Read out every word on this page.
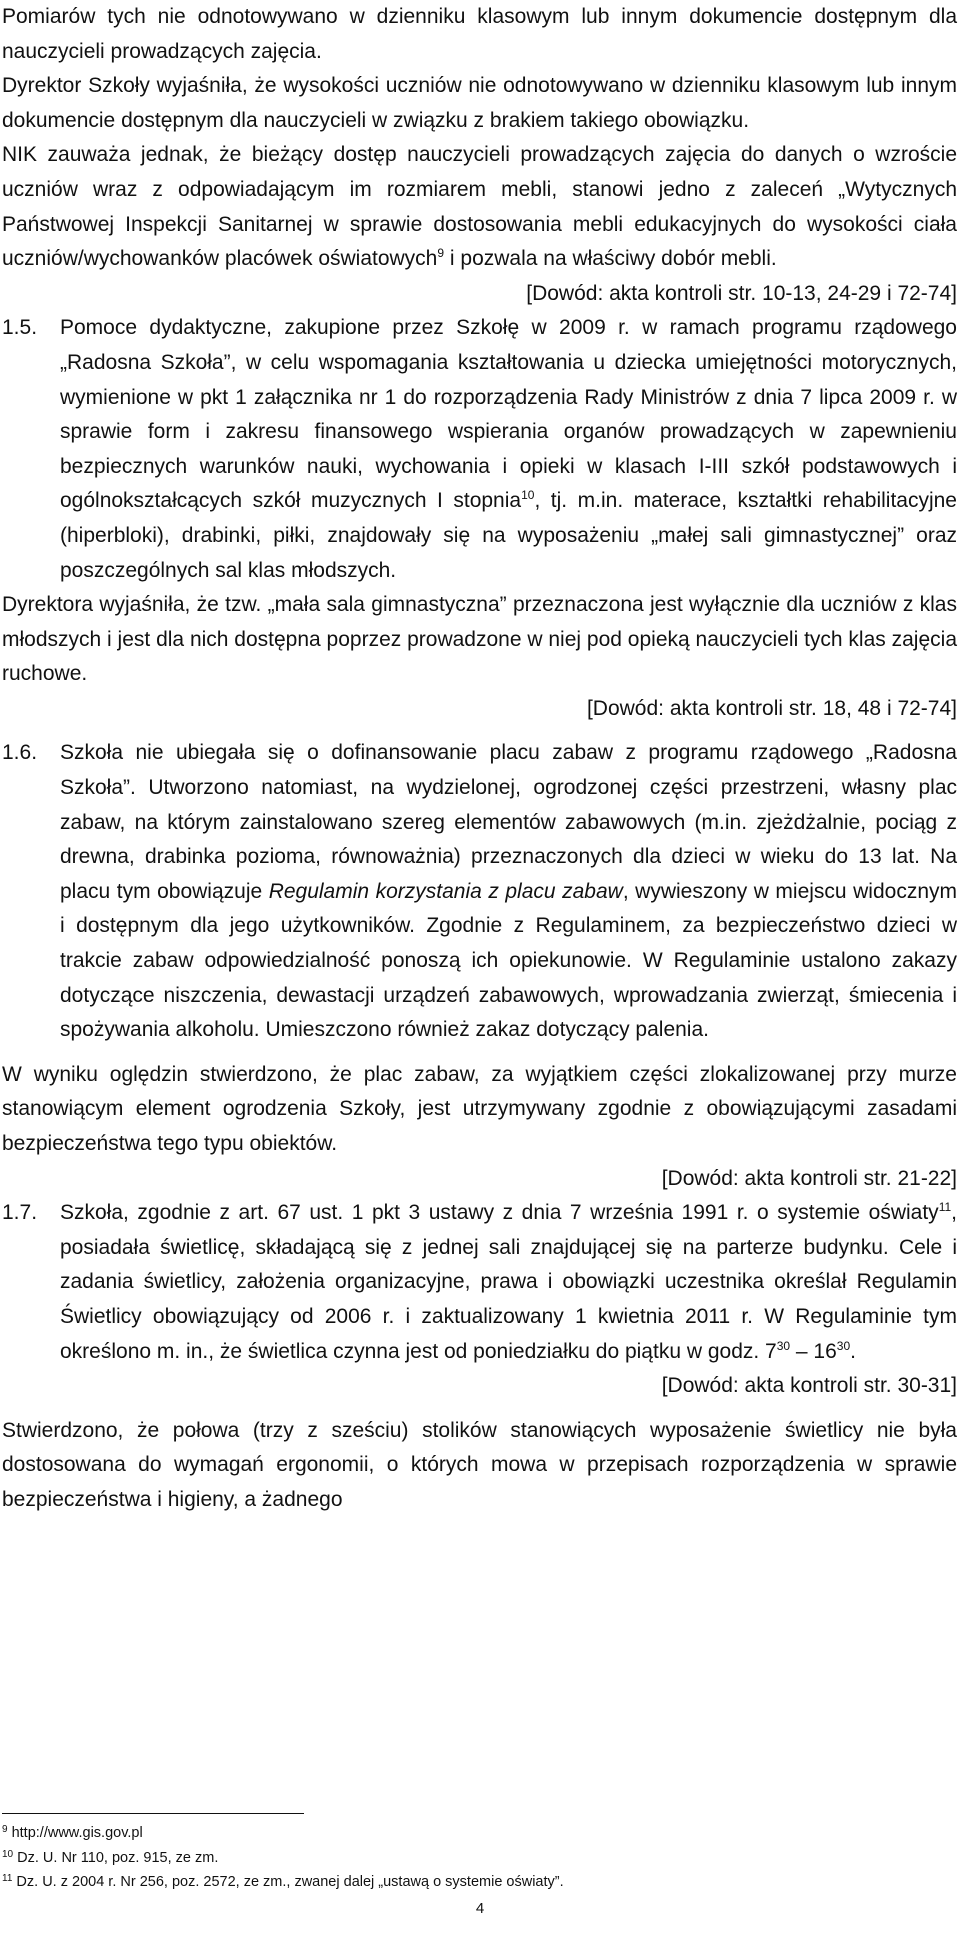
Pomiarów tych nie odnotowywano w dzienniku klasowym lub innym dokumencie dostępnym dla nauczycieli prowadzących zajęcia.

Dyrektor Szkoły wyjaśniła, że wysokości uczniów nie odnotowywano w dzienniku klasowym lub innym dokumencie dostępnym dla nauczycieli w związku z brakiem takiego obowiązku.

NIK zauważa jednak, że bieżący dostęp nauczycieli prowadzących zajęcia do danych o wzroście uczniów wraz z odpowiadającym im rozmiarem mebli, stanowi jedno z zaleceń „Wytycznych Państwowej Inspekcji Sanitarnej w sprawie dostosowania mebli edukacyjnych do wysokości ciała uczniów/wychowanków placówek oświatowych$^9$ i pozwala na właściwy dobór mebli.

[Dowód: akta kontroli str. 10-13, 24-29 i 72-74]

1.5.	Pomoce dydaktyczne, zakupione przez Szkołę w 2009 r. w ramach programu rządowego „Radosna Szkoła”, w celu wspomagania kształtowania u dziecka umiejętności motorycznych, wymienione w pkt 1 załącznika nr 1 do rozporządzenia Rady Ministrów z dnia 7 lipca 2009 r. w sprawie form i zakresu finansowego wspierania organów prowadzących w zapewnieniu bezpiecznych warunków nauki, wychowania i opieki w klasach I-III szkół podstawowych i ogólnokształcących szkół muzycznych I stopnia$^{10}$, tj. m.in. materace, kształtki rehabilitacyjne (hiperbloki), drabinki, piłki, znajdowały się na wyposażeniu „małej sali gimnastycznej” oraz poszczególnych sal klas młodszych.

Dyrektora wyjaśniła, że tzw. „mała sala gimnastyczna” przeznaczona jest wyłącznie dla uczniów z klas młodszych i jest dla nich dostępna poprzez prowadzone w niej pod opieką nauczycieli tych klas zajęcia ruchowe.

[Dowód: akta kontroli str. 18, 48 i 72-74]

1.6.	Szkoła nie ubiegała się o dofinansowanie placu zabaw z programu rządowego „Radosna Szkoła”. Utworzono natomiast, na wydzielonej, ogrodzonej części przestrzeni, własny plac zabaw, na którym zainstalowano szereg elementów zabawowych (m.in. zjeżdżalnie, pociąg z drewna, drabinka pozioma, równoważnia) przeznaczonych dla dzieci w wieku do 13 lat. Na placu tym obowiązuje Regulamin korzystania z placu zabaw, wywieszony w miejscu widocznym i dostępnym dla jego użytkowników. Zgodnie z Regulaminem, za bezpieczeństwo dzieci w trakcie zabaw odpowiedzialność ponoszą ich opiekunowie. W Regulaminie ustalono zakazy dotyczące niszczenia, dewastacji urządzeń zabawowych, wprowadzania zwierząt, śmiecenia i spożywania alkoholu. Umieszczono również zakaz dotyczący palenia.

W wyniku oględzin stwierdzono, że plac zabaw, za wyjątkiem części zlokalizowanej przy murze stanowiącym element ogrodzenia Szkoły, jest utrzymywany zgodnie z obowiązującymi zasadami bezpieczeństwa tego typu obiektów.

[Dowód: akta kontroli str. 21-22]

1.7.	Szkoła, zgodnie z art. 67 ust. 1 pkt 3 ustawy z dnia 7 września 1991 r. o systemie oświaty$^{11}$, posiadała świetlicę, składającą się z jednej sali znajdującej się na parterze budynku. Cele i zadania świetlicy, założenia organizacyjne, prawa i obowiązki uczestnika określał Regulamin Świetlicy obowiązujący od 2006 r. i zaktualizowany 1 kwietnia 2011 r. W Regulaminie tym określono m. in., że świetlica czynna jest od poniedziałku do piątku w godz. $7^{30} - 16^{30}$.

[Dowód: akta kontroli str. 30-31]

Stwierdzono, że połowa (trzy z sześciu) stolików stanowiących wyposażenie świetlicy nie była dostosowana do wymagań ergonomii, o których mowa w przepisach rozporządzenia w sprawie bezpieczeństwa i higieny, a żadnego

$^9$ http://www.gis.gov.pl

$^{10}$ Dz. U. Nr 110, poz. 915, ze zm.

$^{11}$ Dz. U. z 2004 r. Nr 256, poz. 2572, ze zm., zwanej dalej „ustawą o systemie oświaty”.

4
